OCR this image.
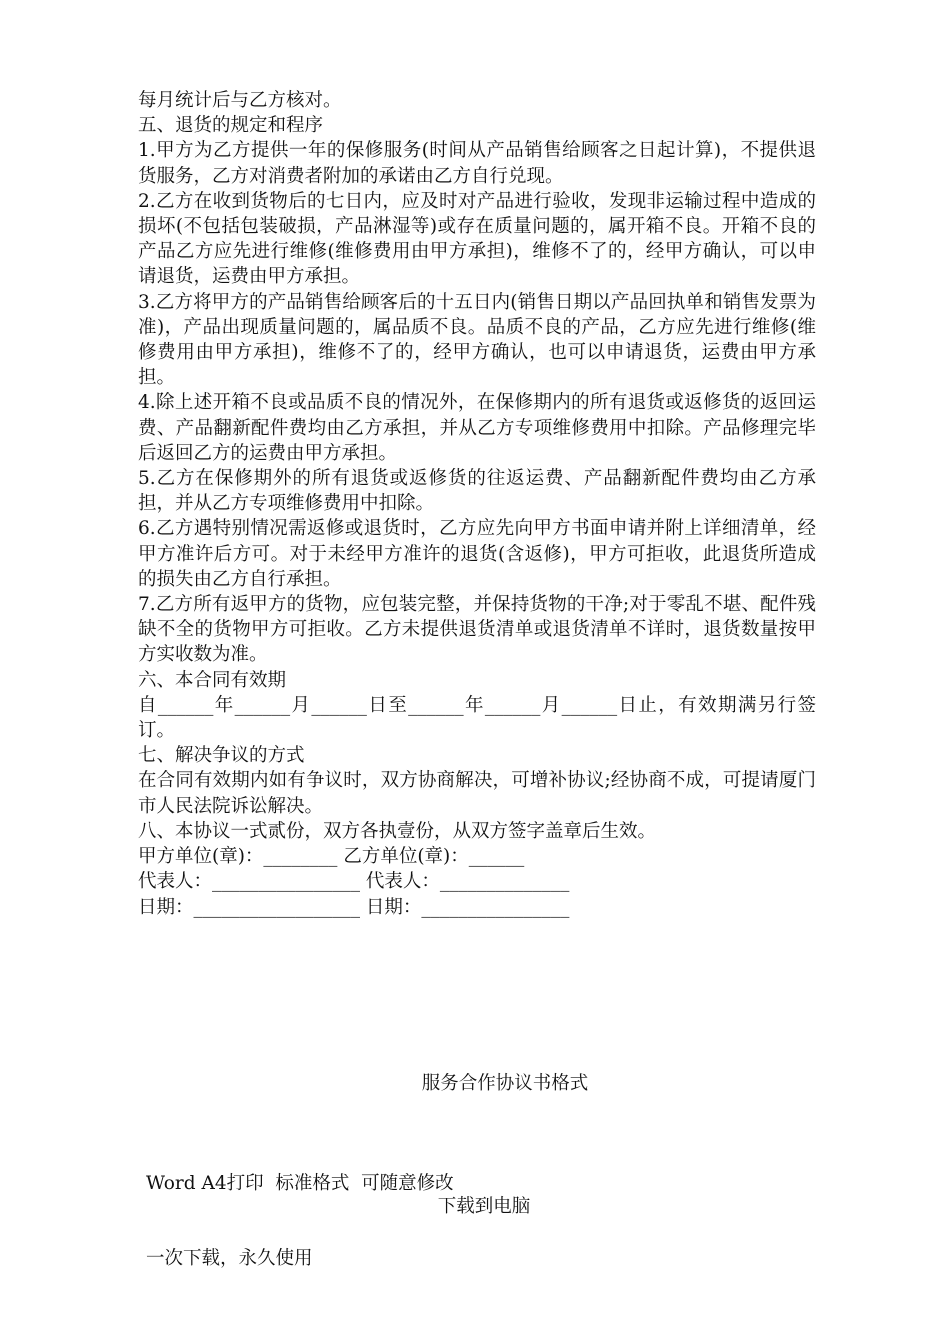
每月统计后与乙方核对。

五、退货的规定和程序

1.甲方为乙方提供一年的保修服务(时间从产品销售给顾客之日起计算)，不提供退货服务，乙方对消费者附加的承诺由乙方自行兑现。

2.乙方在收到货物后的七日内，应及时对产品进行验收，发现非运输过程中造成的损坏(不包括包装破损，产品淋湿等)或存在质量问题的，属开箱不良。开箱不良的产品乙方应先进行维修(维修费用由甲方承担)，维修不了的，经甲方确认，可以申请退货，运费由甲方承担。

3.乙方将甲方的产品销售给顾客后的十五日内(销售日期以产品回执单和销售发票为准)，产品出现质量问题的，属品质不良。品质不良的产品，乙方应先进行维修(维修费用由甲方承担)，维修不了的，经甲方确认，也可以申请退货，运费由甲方承担。

4.除上述开箱不良或品质不良的情况外，在保修期内的所有退货或返修货的返回运费、产品翻新配件费均由乙方承担，并从乙方专项维修费用中扣除。产品修理完毕后返回乙方的运费由甲方承担。

5.乙方在保修期外的所有退货或返修货的往返运费、产品翻新配件费均由乙方承担，并从乙方专项维修费用中扣除。

6.乙方遇特别情况需返修或退货时，乙方应先向甲方书面申请并附上详细清单，经甲方准许后方可。对于未经甲方准许的退货(含返修)，甲方可拒收，此退货所造成的损失由乙方自行承担。

7.乙方所有返甲方的货物，应包装完整，并保持货物的干净;对于零乱不堪、配件残缺不全的货物甲方可拒收。乙方未提供退货清单或退货清单不详时，退货数量按甲方实收数为准。

六、本合同有效期

自______年______月______日至______年______月______日止，有效期满另行签订。

七、解决争议的方式

在合同有效期内如有争议时，双方协商解决，可增补协议;经协商不成，可提请厦门市人民法院诉讼解决。

八、本协议一式贰份，双方各执壹份，从双方签字盖章后生效。

甲方单位(章)：________ 乙方单位(章)：______

代表人：________________ 代表人：______________

日期：__________________ 日期：________________

服务合作协议书格式

Word A4打印  标准格式  可随意修改

一次下载，永久使用

下载到电脑
